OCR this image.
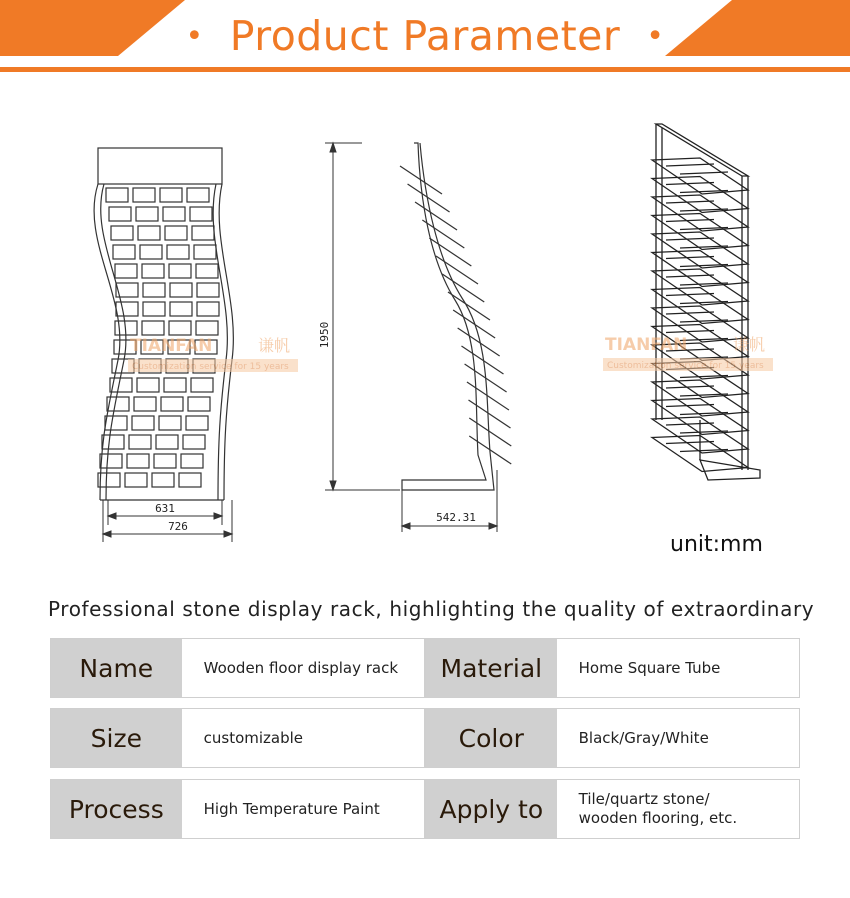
• Product Parameter •
631
726
1950
542.31
TIANFAN	谦帆
Customization service for 15 years
TIANFAN	谦帆
Customization service for 15 years
unit:mm
Professional stone display rack, highlighting the quality of extraordinary
Name	Wooden floor display rack	Material	Home Square Tube
Size	customizable	Color	Black/Gray/White
Process	High Temperature Paint	Apply to	Tile/quartz stone/
wooden flooring, etc.
